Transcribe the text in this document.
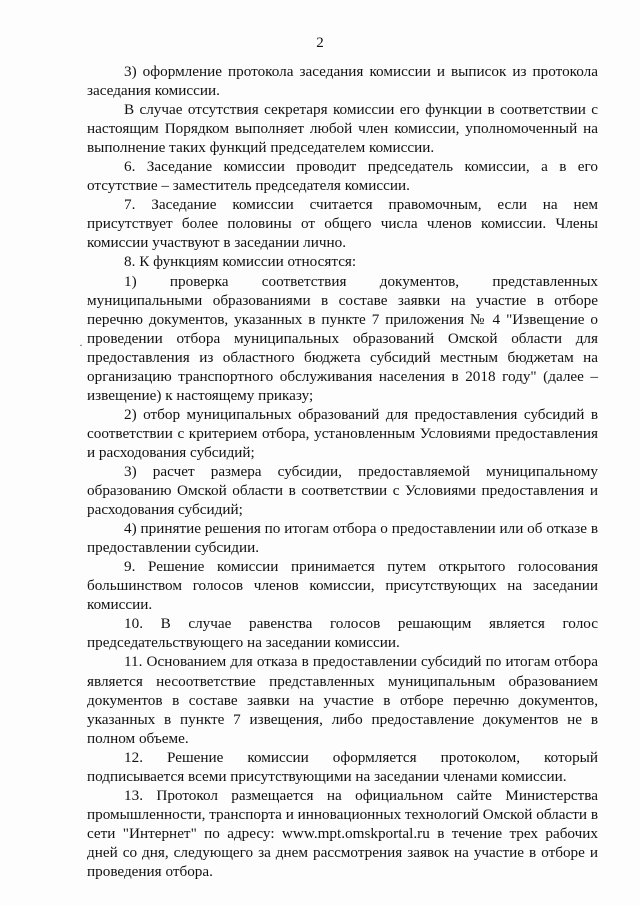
2
·

3) оформление протокола заседания комиссии и выписок из протокола заседания комиссии.

В случае отсутствия секретаря комиссии его функции в соответствии с настоящим Порядком выполняет любой член комиссии, уполномоченный на выполнение таких функций председателем комиссии.

6. Заседание комиссии проводит председатель комиссии, а в его отсутствие – заместитель председателя комиссии.

7. Заседание комиссии считается правомочным, если на нем присутствует более половины от общего числа членов комиссии. Члены комиссии участвуют в заседании лично.

8. К функциям комиссии относятся:

1) проверка соответствия документов, представленных муниципальными образованиями в составе заявки на участие в отборе перечню документов, указанных в пункте 7 приложения № 4 "Извещение о проведении отбора муниципальных образований Омской области для предоставления из областного бюджета субсидий местным бюджетам на организацию транспортного обслуживания населения в 2018 году" (далее – извещение) к настоящему приказу;

2) отбор муниципальных образований для предоставления субсидий в соответствии с критерием отбора, установленным Условиями предоставления и расходования субсидий;

3) расчет размера субсидии, предоставляемой муниципальному образованию Омской области в соответствии с Условиями предоставления и расходования субсидий;

4) принятие решения по итогам отбора о предоставлении или об отказе в предоставлении субсидии.

9. Решение комиссии принимается путем открытого голосования большинством голосов членов комиссии, присутствующих на заседании комиссии.

10. В случае равенства голосов решающим является голос председательствующего на заседании комиссии.

11. Основанием для отказа в предоставлении субсидий по итогам отбора является несоответствие представленных муниципальным образованием документов в составе заявки на участие в отборе перечню документов, указанных в пункте 7 извещения, либо предоставление документов не в полном объеме.

12. Решение комиссии оформляется протоколом, который подписывается всеми присутствующими на заседании членами комиссии.

13. Протокол размещается на официальном сайте Министерства промышленности, транспорта и инновационных технологий Омской области в сети "Интернет" по адресу: www.mpt.omskportal.ru в течение трех рабочих дней со дня, следующего за днем рассмотрения заявок на участие в отборе и проведения отбора.
